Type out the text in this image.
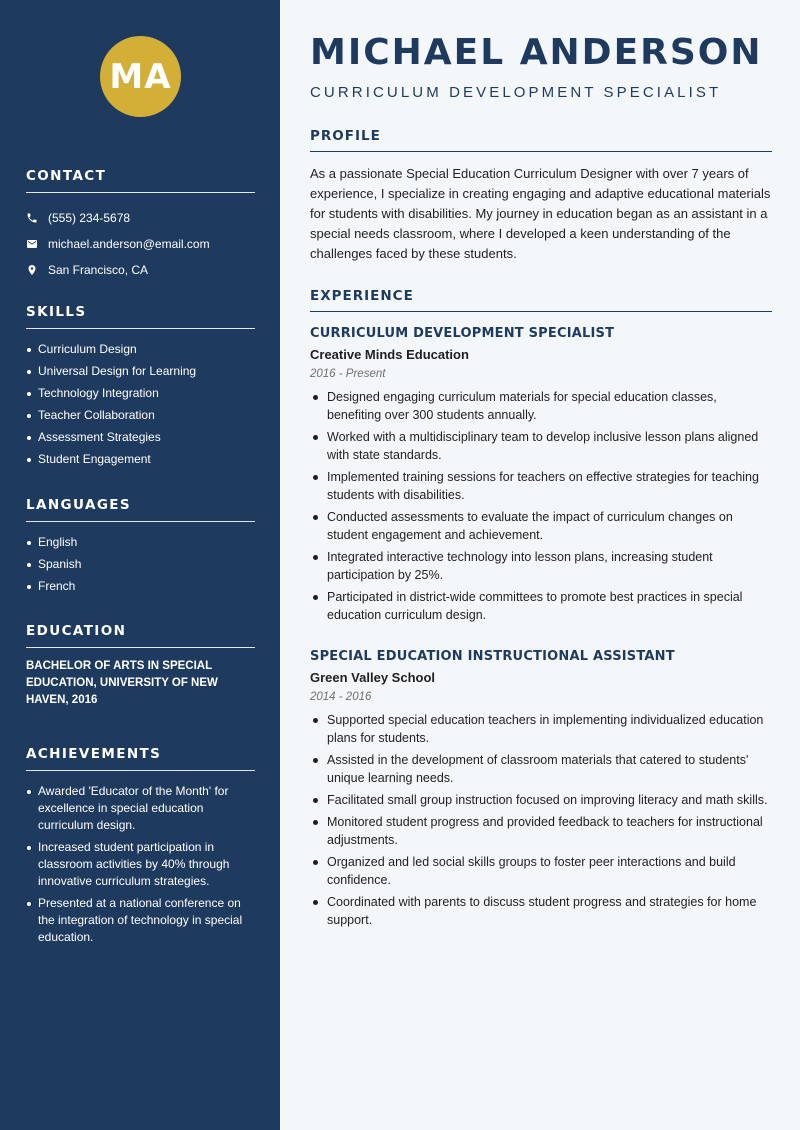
MA
CONTACT
(555) 234-5678
michael.anderson@email.com
San Francisco, CA
SKILLS
Curriculum Design
Universal Design for Learning
Technology Integration
Teacher Collaboration
Assessment Strategies
Student Engagement
LANGUAGES
English
Spanish
French
EDUCATION

BACHELOR OF ARTS IN SPECIAL EDUCATION, UNIVERSITY OF NEW HAVEN, 2016

ACHIEVEMENTS
Awarded 'Educator of the Month' for excellence in special education curriculum design.
Increased student participation in classroom activities by 40% through innovative curriculum strategies.
Presented at a national conference on the integration of technology in special education.
MICHAEL ANDERSON
CURRICULUM DEVELOPMENT SPECIALIST
PROFILE

As a passionate Special Education Curriculum Designer with over 7 years of experience, I specialize in creating engaging and adaptive educational materials for students with disabilities. My journey in education began as an assistant in a special needs classroom, where I developed a keen understanding of the challenges faced by these students.

EXPERIENCE
CURRICULUM DEVELOPMENT SPECIALIST
Creative Minds Education
2016 - Present
Designed engaging curriculum materials for special education classes, benefiting over 300 students annually.
Worked with a multidisciplinary team to develop inclusive lesson plans aligned with state standards.
Implemented training sessions for teachers on effective strategies for teaching students with disabilities.
Conducted assessments to evaluate the impact of curriculum changes on student engagement and achievement.
Integrated interactive technology into lesson plans, increasing student participation by 25%.
Participated in district-wide committees to promote best practices in special education curriculum design.
SPECIAL EDUCATION INSTRUCTIONAL ASSISTANT
Green Valley School
2014 - 2016
Supported special education teachers in implementing individualized education plans for students.
Assisted in the development of classroom materials that catered to students' unique learning needs.
Facilitated small group instruction focused on improving literacy and math skills.
Monitored student progress and provided feedback to teachers for instructional adjustments.
Organized and led social skills groups to foster peer interactions and build confidence.
Coordinated with parents to discuss student progress and strategies for home support.
